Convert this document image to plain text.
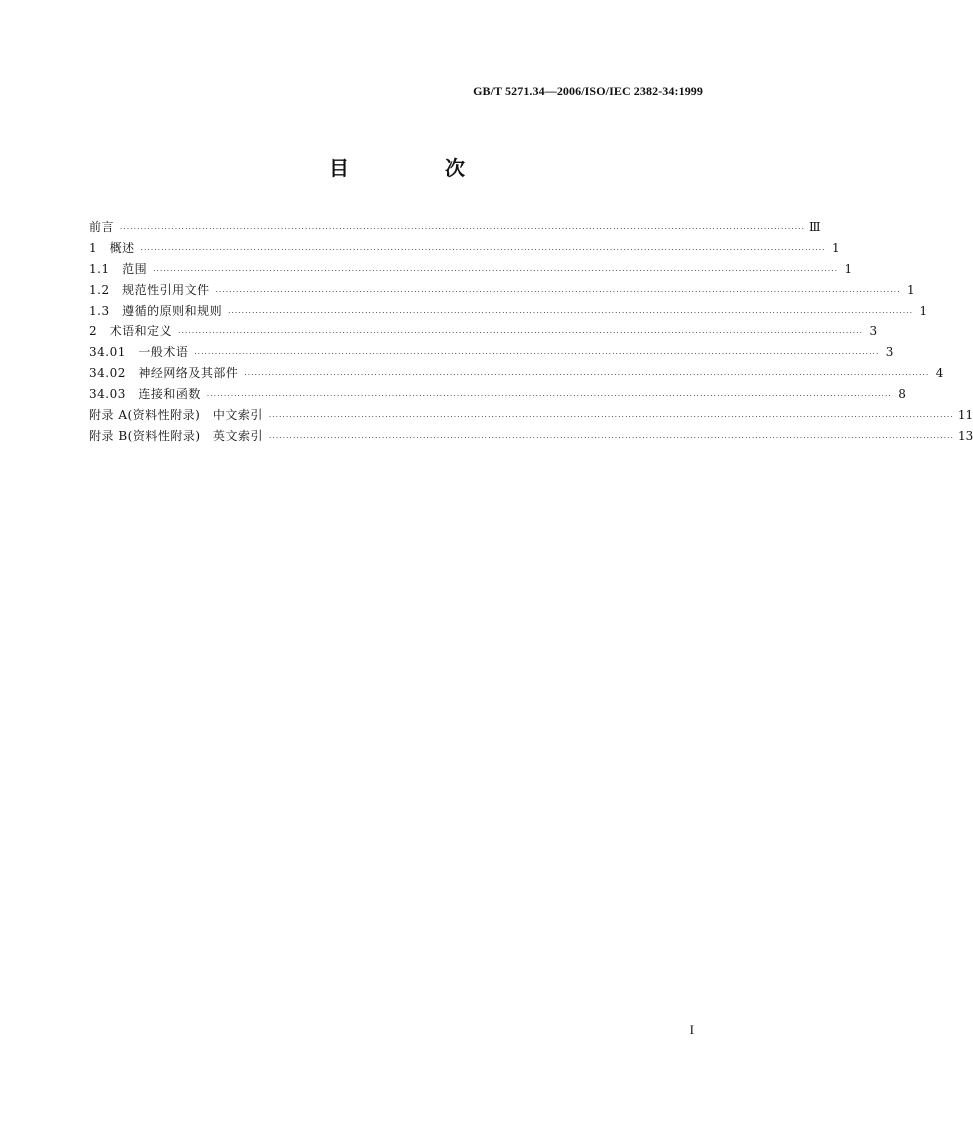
GB/T 5271.34—2006/ISO/IEC 2382-34:1999
目　次
前言 ········································································································································································································ Ⅲ
1　概述 ········································································································································································································ 1
1.1　范围 ········································································································································································································ 1
1.2　规范性引用文件 ········································································································································································································ 1
1.3　遵循的原则和规则 ········································································································································································································ 1
2　术语和定义 ········································································································································································································ 3
34.01　一般术语 ········································································································································································································ 3
34.02　神经网络及其部件 ········································································································································································································ 4
34.03　连接和函数 ········································································································································································································ 8
附录 A(资料性附录)　中文索引 ········································································································································································································ 11
附录 B(资料性附录)　英文索引 ········································································································································································································ 13
I
